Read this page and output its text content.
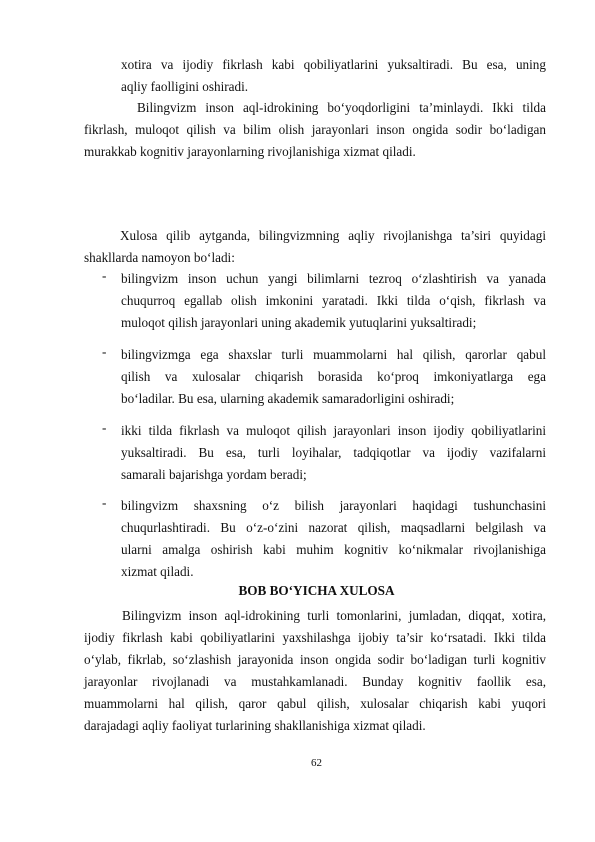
xotira va ijodiy fikrlash kabi qobiliyatlarini yuksaltiradi. Bu esa, uning
aqliy faolligini oshiradi.
Bilingvizm inson aql-idrokining bo‘yoqdorligini ta’minlaydi. Ikki tilda
fikrlash, muloqot qilish va bilim olish jarayonlari inson ongida sodir bo‘ladigan
murakkab kognitiv jarayonlarning rivojlanishiga xizmat qiladi.
Xulosa qilib aytganda, bilingvizmning aqliy rivojlanishga ta’siri quyidagi
shakllarda namoyon bo‘ladi:
- bilingvizm inson uchun yangi bilimlarni tezroq o‘zlashtirish va yanada
chuqurroq egallab olish imkonini yaratadi. Ikki tilda o‘qish, fikrlash va
muloqot qilish jarayonlari uning akademik yutuqlarini yuksaltiradi;
- bilingvizmga ega shaxslar turli muammolarni hal qilish, qarorlar qabul
qilish va xulosalar chiqarish borasida ko‘proq imkoniyatlarga ega
bo‘ladilar. Bu esa, ularning akademik samaradorligini oshiradi;
- ikki tilda fikrlash va muloqot qilish jarayonlari inson ijodiy qobiliyatlarini
yuksaltiradi. Bu esa, turli loyihalar, tadqiqotlar va ijodiy vazifalarni
samarali bajarishga yordam beradi;
- bilingvizm shaxsning o‘z bilish jarayonlari haqidagi tushunchasini
chuqurlashtiradi. Bu o‘z-o‘zini nazorat qilish, maqsadlarni belgilash va
ularni amalga oshirish kabi muhim kognitiv ko‘nikmalar rivojlanishiga
xizmat qiladi.
BOB BO‘YICHA XULOSA
Bilingvizm inson aql-idrokining turli tomonlarini, jumladan, diqqat, xotira,
ijodiy fikrlash kabi qobiliyatlarini yaxshilashga ijobiy ta’sir ko‘rsatadi. Ikki tilda
o‘ylab, fikrlab, so‘zlashish jarayonida inson ongida sodir bo‘ladigan turli kognitiv
jarayonlar rivojlanadi va mustahkamlanadi. Bunday kognitiv faollik esa,
muammolarni hal qilish, qaror qabul qilish, xulosalar chiqarish kabi yuqori
darajadagi aqliy faoliyat turlarining shakllanishiga xizmat qiladi.
62
